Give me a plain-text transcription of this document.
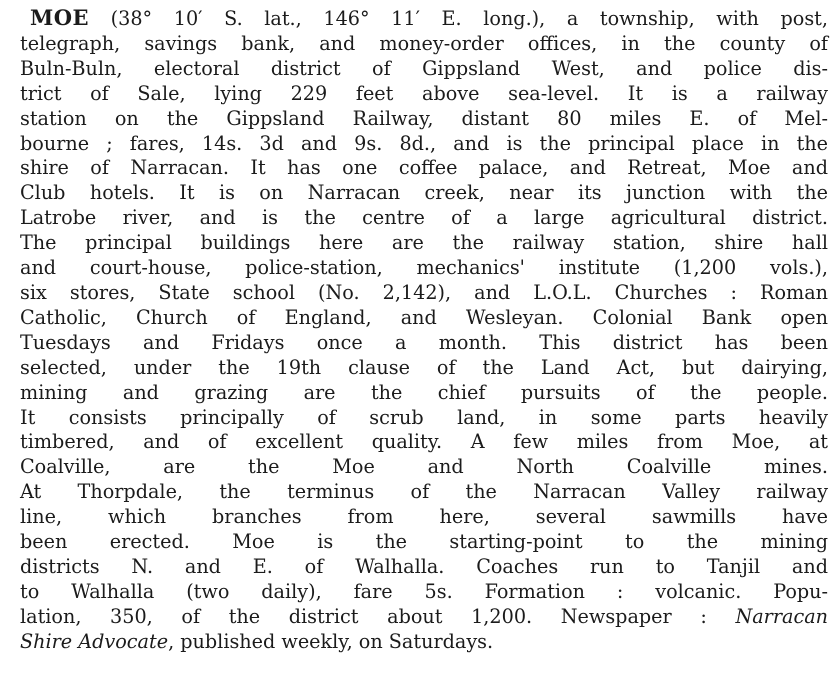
MOE (38° 10′ S. lat., 146° 11′ E. long.), a township, with post,
telegraph, savings bank, and money-order offices, in the county of
Buln-Buln, electoral district of Gippsland West, and police dis-
trict of Sale, lying 229 feet above sea-level. It is a railway
station on the Gippsland Railway, distant 80 miles E. of Mel-
bourne ; fares, 14s. 3d and 9s. 8d., and is the principal place in the
shire of Narracan. It has one coffee palace, and Retreat, Moe and
Club hotels. It is on Narracan creek, near its junction with the
Latrobe river, and is the centre of a large agricultural district.
The principal buildings here are the railway station, shire hall
and court-house, police-station, mechanics' institute (1,200 vols.),
six stores, State school (No. 2,142), and L.O.L. Churches : Roman
Catholic, Church of England, and Wesleyan. Colonial Bank open
Tuesdays and Fridays once a month. This district has been
selected, under the 19th clause of the Land Act, but dairying,
mining and grazing are the chief pursuits of the people.
It consists principally of scrub land, in some parts heavily
timbered, and of excellent quality. A few miles from Moe, at
Coalville, are the Moe and North Coalville mines.
At Thorpdale, the terminus of the Narracan Valley railway
line, which branches from here, several sawmills have
been erected. Moe is the starting-point to the mining
districts N. and E. of Walhalla. Coaches run to Tanjil and
to Walhalla (two daily), fare 5s. Formation : volcanic. Popu-
lation, 350, of the district about 1,200. Newspaper : Narracan
Shire Advocate, published weekly, on Saturdays.
